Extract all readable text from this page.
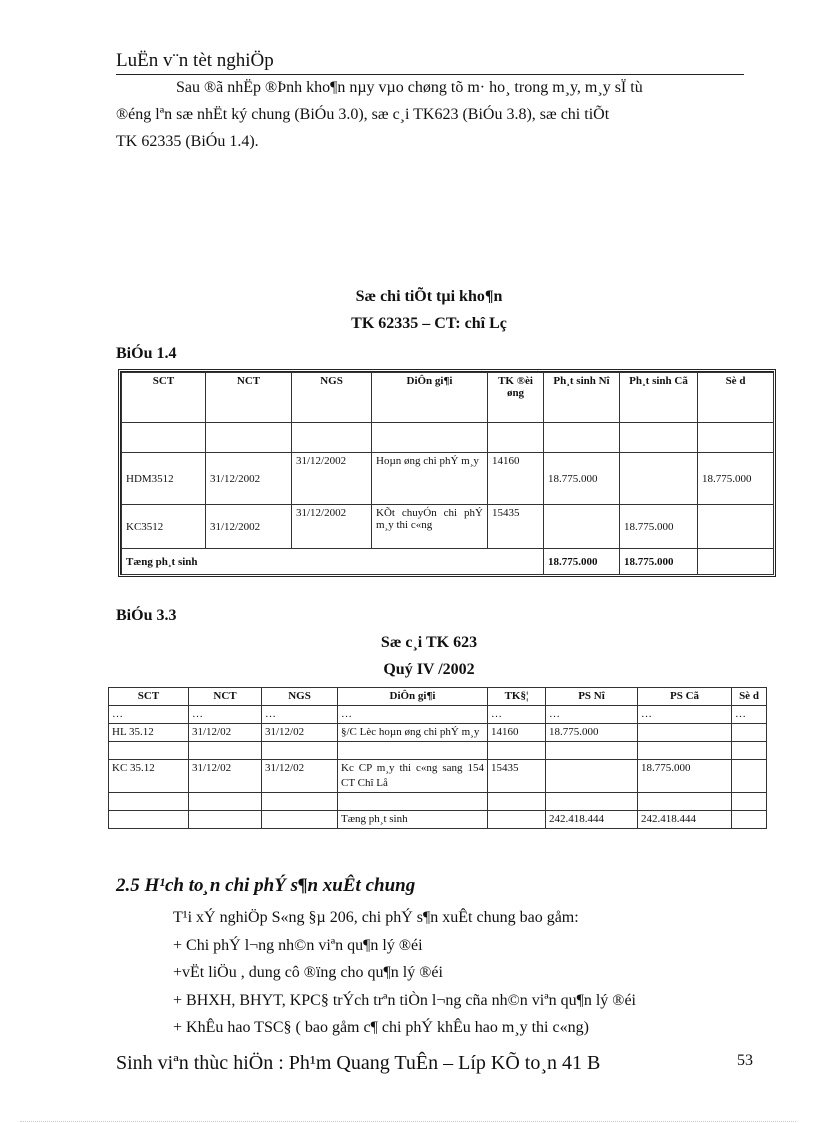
LuËn v¨n tèt nghiÖp
Sau ®ã nhËp ®Þnh kho¶n nµy vµo chøng tõ m· ho¸ trong m¸y, m¸y sÏ tù
®éng lªn sæ nhËt ký chung (BiÓu 3.0), sæ c¸i TK623 (BiÓu 3.8), sæ chi tiÕt
TK 62335 (BiÓu 1.4).
Sæ chi tiÕt tµi kho¶n
TK 62335 – CT: chî Lç
BiÓu 1.4
SCT	NCT	NGS	DiÔn gi¶i	TK ®èi øng	Ph¸t sinh Nî	Ph¸t sinh Cã	Sè d

HDM3512	31/12/2002	31/12/2002	Hoµn øng chi phÝ m¸y	14160	18.775.000		18.775.000
KC3512	31/12/2002	31/12/2002	KÕt chuyÓn chi phÝ m¸y thi c«ng	15435		18.775.000	
Tæng ph¸t sinh					18.775.000	18.775.000	
BiÓu 3.3
Sæ c¸i TK 623
Quý IV /2002
SCT	NCT	NGS	DiÔn gi¶i	TK§¦	PS Nî	PS Cã	Sè d
…	…	…	…	…	…	…	…
HL 35.12	31/12/02	31/12/02	§/C Lèc hoµn øng chi phÝ m¸y	14160	18.775.000		

KC 35.12	31/12/02	31/12/02	Kc CP m¸y thi c«ng sang 154 CT Chî Lå	15435		18.775.000	

			Tæng ph¸t sinh		242.418.444	242.418.444	
2.5 H¹ch to¸n chi phÝ s¶n xuÊt chung
T¹i xÝ nghiÖp S«ng §µ 206, chi phÝ s¶n xuÊt chung bao gåm:
+ Chi phÝ l¬ng nh©n viªn qu¶n lý ®éi
+vËt liÖu , dung cô ®ïng cho qu¶n lý ®éi
+ BHXH, BHYT, KPC§ trÝch trªn tiÒn l¬ng cña nh©n viªn qu¶n lý ®éi
+ KhÊu hao TSC§ ( bao gåm c¶ chi phÝ khÊu hao m¸y thi c«ng)
Sinh viªn thùc hiÖn : Ph¹m Quang TuÊn – Líp KÕ to¸n 41 B	53
